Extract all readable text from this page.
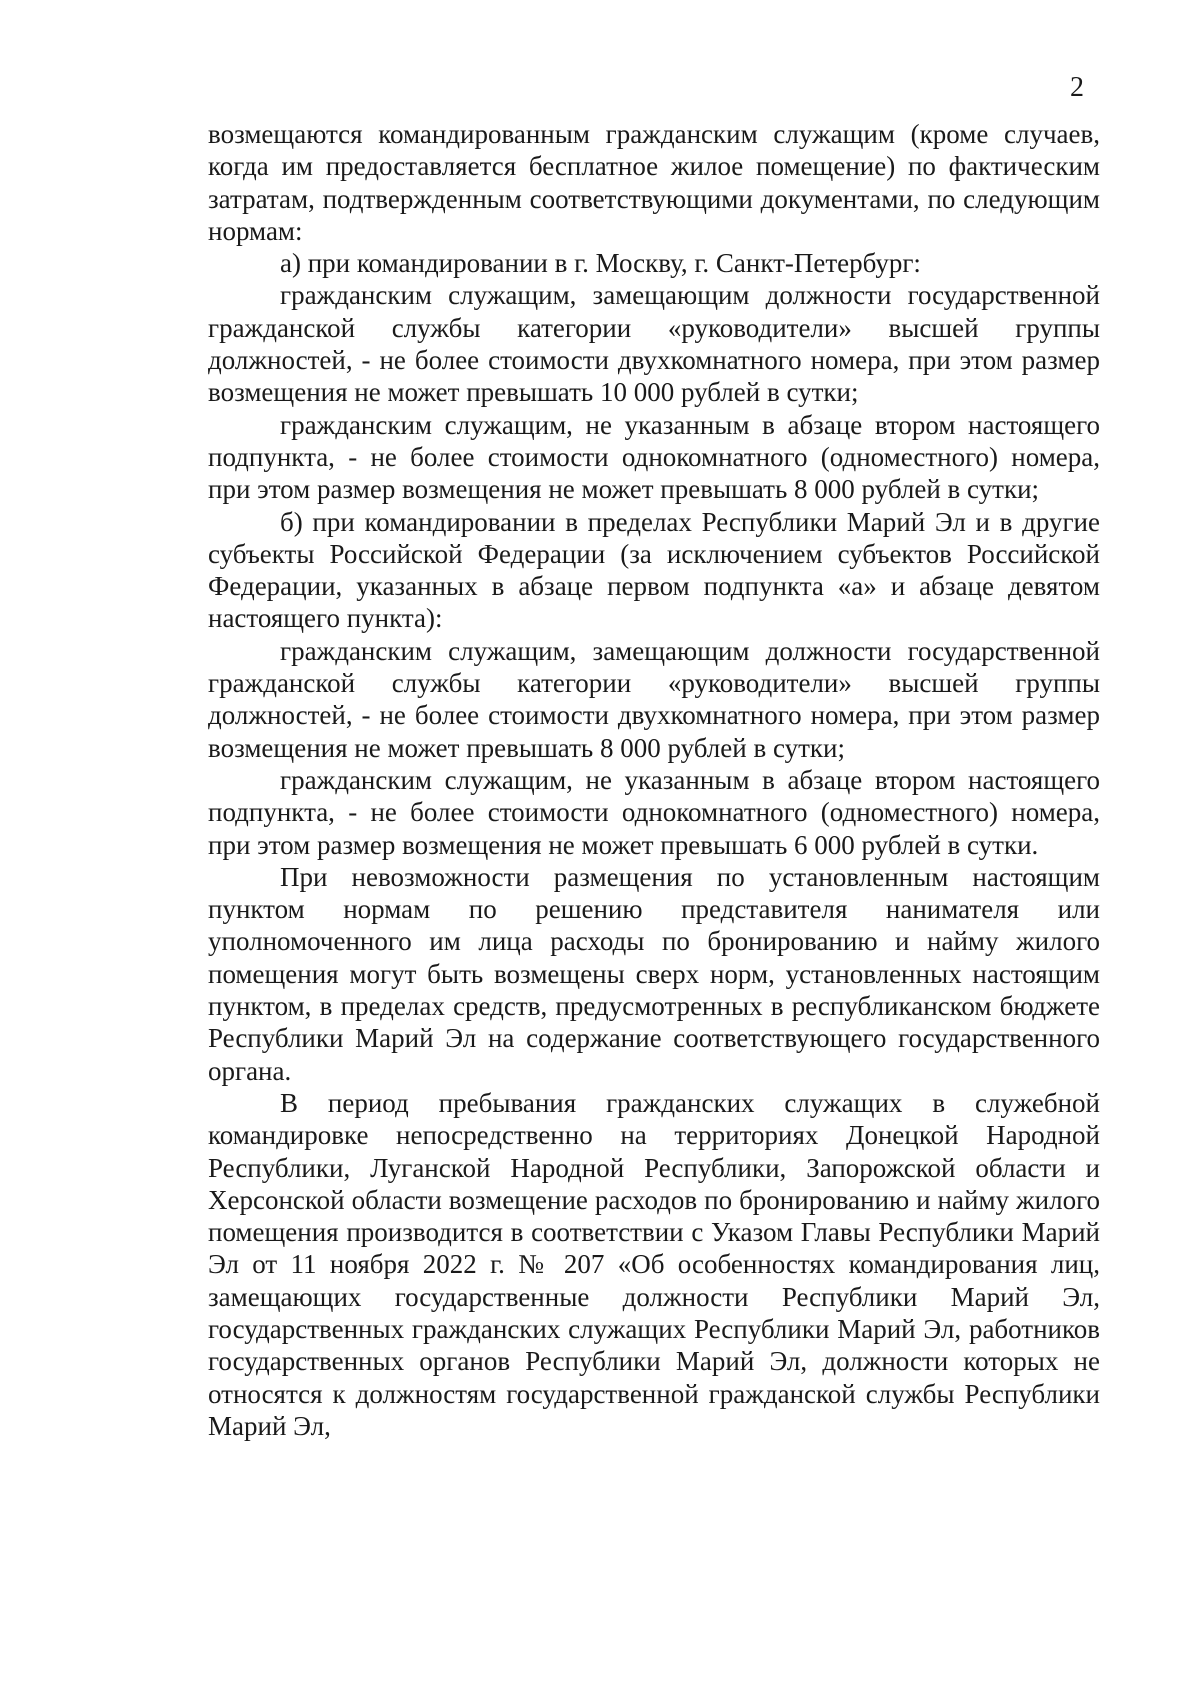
2

возмещаются командированным гражданским служащим (кроме случаев, когда им предоставляется бесплатное жилое помещение) по фактическим затратам, подтвержденным соответствующими документами, по следующим нормам:

а) при командировании в г. Москву, г. Санкт-Петербург:

гражданским служащим, замещающим должности государственной гражданской службы категории «руководители» высшей группы должностей, - не более стоимости двухкомнатного номера, при этом размер возмещения не может превышать 10 000 рублей в сутки;

гражданским служащим, не указанным в абзаце втором настоящего подпункта, - не более стоимости однокомнатного (одноместного) номера, при этом размер возмещения не может превышать 8 000 рублей в сутки;

б) при командировании в пределах Республики Марий Эл и в другие субъекты Российской Федерации (за исключением субъектов Российской Федерации, указанных в абзаце первом подпункта «а» и абзаце девятом настоящего пункта):

гражданским служащим, замещающим должности государственной гражданской службы категории «руководители» высшей группы должностей, - не более стоимости двухкомнатного номера, при этом размер возмещения не может превышать 8 000 рублей в сутки;

гражданским служащим, не указанным в абзаце втором настоящего подпункта, - не более стоимости однокомнатного (одноместного) номера, при этом размер возмещения не может превышать 6 000 рублей в сутки.

При невозможности размещения по установленным настоящим пунктом нормам по решению представителя нанимателя или уполномоченного им лица расходы по бронированию и найму жилого помещения могут быть возмещены сверх норм, установленных настоящим пунктом, в пределах средств, предусмотренных в республиканском бюджете Республики Марий Эл на содержание соответствующего государственного органа.

В период пребывания гражданских служащих в служебной командировке непосредственно на территориях Донецкой Народной Республики, Луганской Народной Республики, Запорожской области и Херсонской области возмещение расходов по бронированию и найму жилого помещения производится в соответствии с Указом Главы Республики Марий Эл от 11 ноября 2022 г. № 207 «Об особенностях командирования лиц, замещающих государственные должности Республики Марий Эл, государственных гражданских служащих Республики Марий Эл, работников государственных органов Республики Марий Эл, должности которых не относятся к должностям государственной гражданской службы Республики Марий Эл,
